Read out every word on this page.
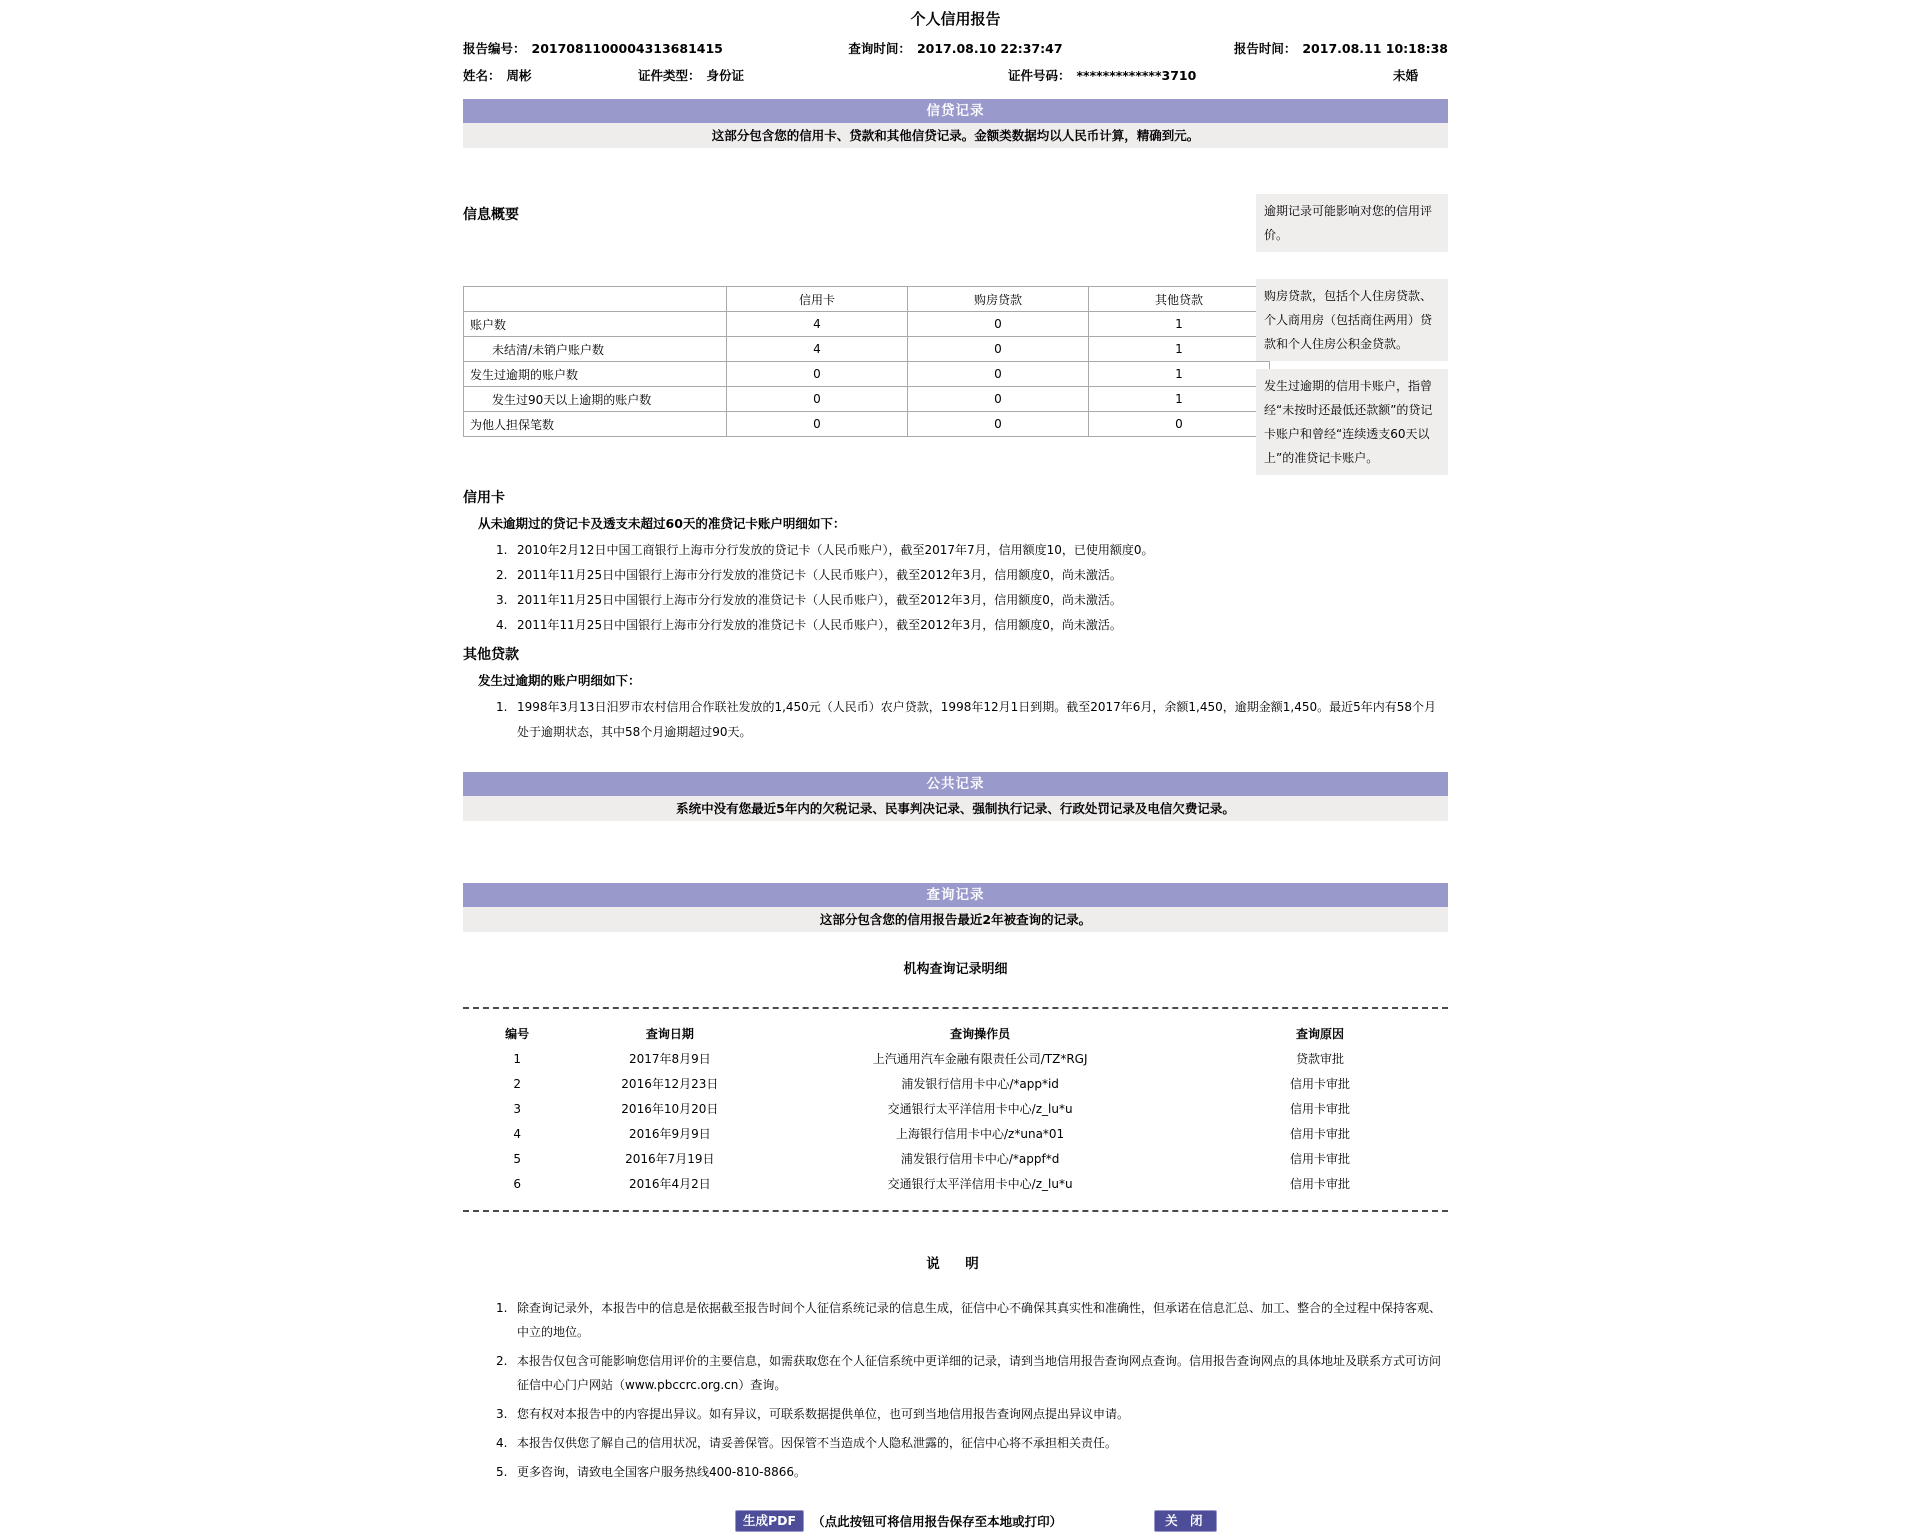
个人信用报告
报告编号： 2017081100004313681415	查询时间： 2017.08.10 22:37:47	报告时间： 2017.08.11 10:18:38
姓名： 周彬	证件类型： 身份证	证件号码： *************3710	未婚
信贷记录
这部分包含您的信用卡、贷款和其他信贷记录。金额类数据均以人民币计算，精确到元。
信息概要
	信用卡	购房贷款	其他贷款
账户数	4	0	1
未结清/未销户账户数	4	0	1
发生过逾期的账户数	0	0	1
发生过90天以上逾期的账户数	0	0	1
为他人担保笔数	0	0	0
逾期记录可能影响对您的信用评价。
购房贷款，包括个人住房贷款、个人商用房（包括商住两用）贷款和个人住房公积金贷款。
发生过逾期的信用卡账户，指曾经“未按时还最低还款额”的贷记卡账户和曾经“连续透支60天以上”的准贷记卡账户。
信用卡
从未逾期过的贷记卡及透支未超过60天的准贷记卡账户明细如下：
2010年2月12日中国工商银行上海市分行发放的贷记卡（人民币账户），截至2017年7月，信用额度10，已使用额度0。
2011年11月25日中国银行上海市分行发放的准贷记卡（人民币账户），截至2012年3月，信用额度0，尚未激活。
2011年11月25日中国银行上海市分行发放的准贷记卡（人民币账户），截至2012年3月，信用额度0，尚未激活。
2011年11月25日中国银行上海市分行发放的准贷记卡（人民币账户），截至2012年3月，信用额度0，尚未激活。
其他贷款
发生过逾期的账户明细如下：
1998年3月13日汨罗市农村信用合作联社发放的1,450元（人民币）农户贷款，1998年12月1日到期。截至2017年6月，余额1,450，逾期金额1,450。最近5年内有58个月处于逾期状态，其中58个月逾期超过90天。
公共记录
系统中没有您最近5年内的欠税记录、民事判决记录、强制执行记录、行政处罚记录及电信欠费记录。
查询记录
这部分包含您的信用报告最近2年被查询的记录。
机构查询记录明细
编号	查询日期	查询操作员	查询原因
1	2017年8月9日	上汽通用汽车金融有限责任公司/TZ*RGJ	贷款审批
2	2016年12月23日	浦发银行信用卡中心/*app*id	信用卡审批
3	2016年10月20日	交通银行太平洋信用卡中心/z_lu*u	信用卡审批
4	2016年9月9日	上海银行信用卡中心/z*una*01	信用卡审批
5	2016年7月19日	浦发银行信用卡中心/*appf*d	信用卡审批
6	2016年4月2日	交通银行太平洋信用卡中心/z_lu*u	信用卡审批
说　明
除查询记录外，本报告中的信息是依据截至报告时间个人征信系统记录的信息生成，征信中心不确保其真实性和准确性，但承诺在信息汇总、加工、整合的全过程中保持客观、中立的地位。
本报告仅包含可能影响您信用评价的主要信息，如需获取您在个人征信系统中更详细的记录，请到当地信用报告查询网点查询。信用报告查询网点的具体地址及联系方式可访问征信中心门户网站（www.pbccrc.org.cn）查询。
您有权对本报告中的内容提出异议。如有异议，可联系数据提供单位，也可到当地信用报告查询网点提出异议申请。
本报告仅供您了解自己的信用状况，请妥善保管。因保管不当造成个人隐私泄露的，征信中心将不承担相关责任。
更多咨询，请致电全国客户服务热线400-810-8866。
生成PDF	（点此按钮可将信用报告保存至本地或打印）	关 闭
